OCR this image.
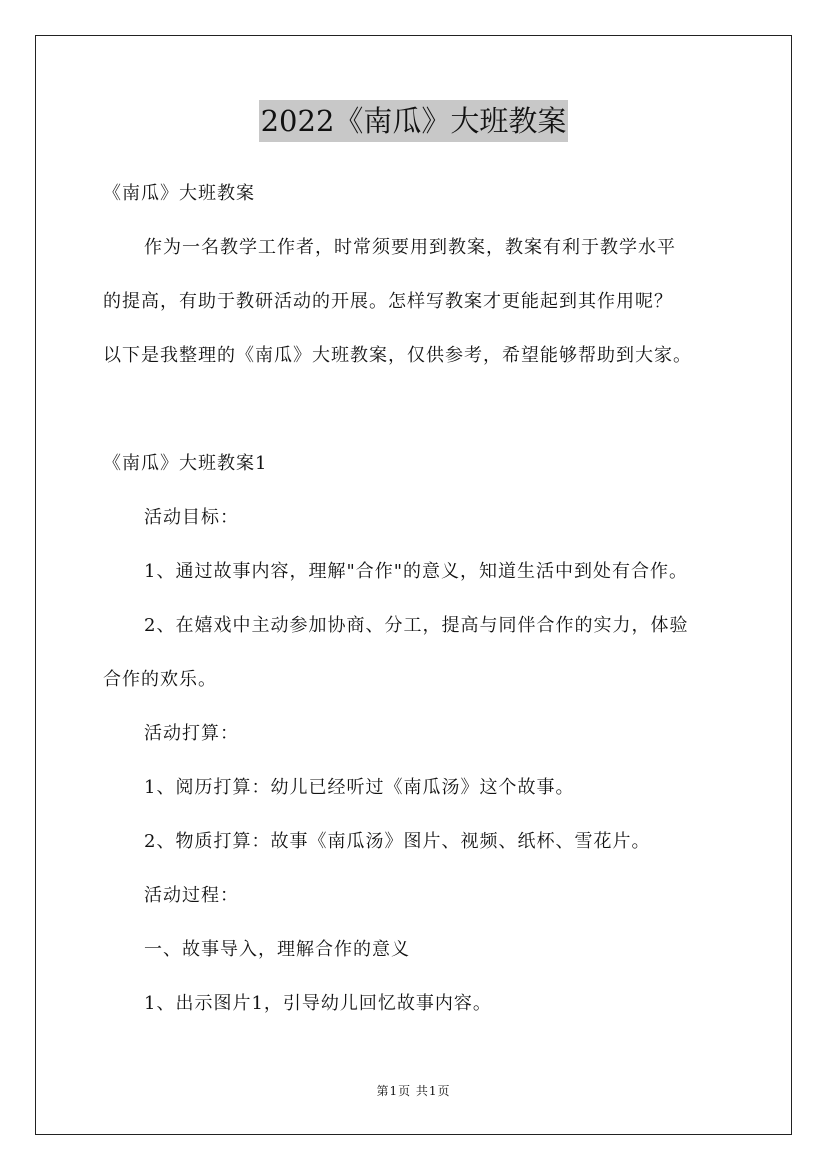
2022《南瓜》大班教案
《南瓜》大班教案
作为一名教学工作者，时常须要用到教案，教案有利于教学水平
的提高，有助于教研活动的开展。怎样写教案才更能起到其作用呢？
以下是我整理的《南瓜》大班教案，仅供参考，希望能够帮助到大家。
《南瓜》大班教案1
活动目标：
1、通过故事内容，理解"合作"的意义，知道生活中到处有合作。
2、在嬉戏中主动参加协商、分工，提高与同伴合作的实力，体验
合作的欢乐。
活动打算：
1、阅历打算：幼儿已经听过《南瓜汤》这个故事。
2、物质打算：故事《南瓜汤》图片、视频、纸杯、雪花片。
活动过程：
一、故事导入，理解合作的意义
1、出示图片1，引导幼儿回忆故事内容。
第1页 共1页
